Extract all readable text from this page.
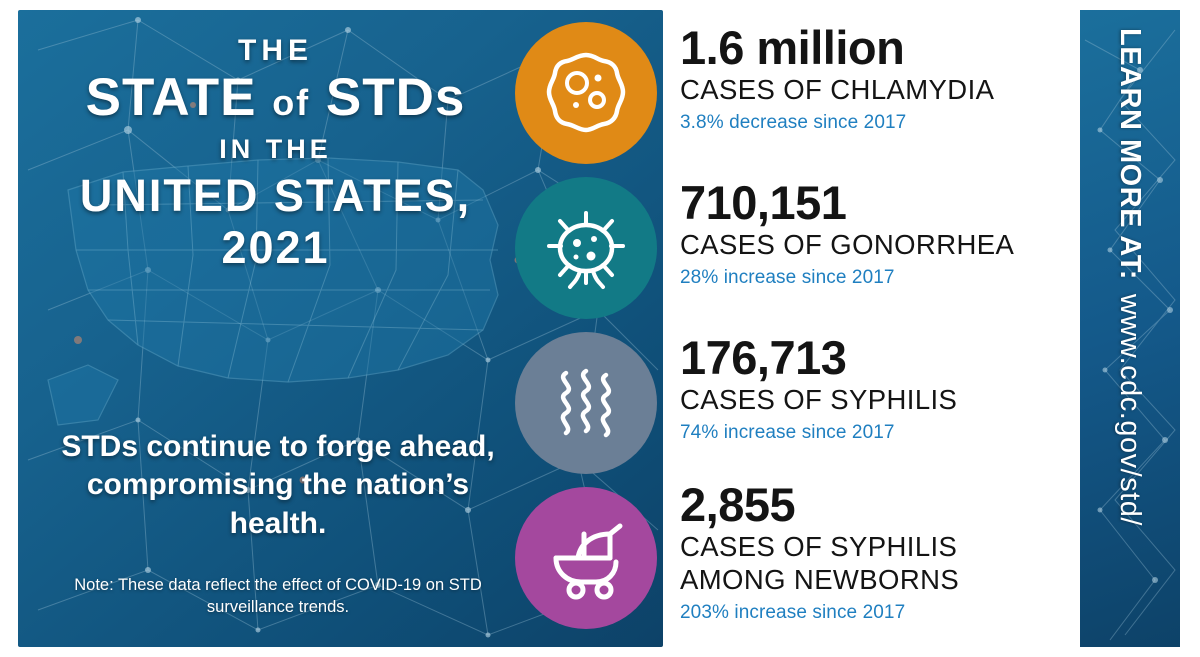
THE
STATE of STDs
IN THE
UNITED STATES,
2021
STDs continue to forge ahead, compromising the nation’s health.
Note: These data reflect the effect of COVID-19 on STD surveillance trends.
1.6 million
CASES OF CHLAMYDIA
3.8% decrease since 2017
710,151
CASES OF GONORRHEA
28% increase since 2017
176,713
CASES OF SYPHILIS
74% increase since 2017
2,855
CASES OF SYPHILIS
AMONG NEWBORNS
203% increase since 2017
LEARN MORE AT:
www.cdc.gov/std/
